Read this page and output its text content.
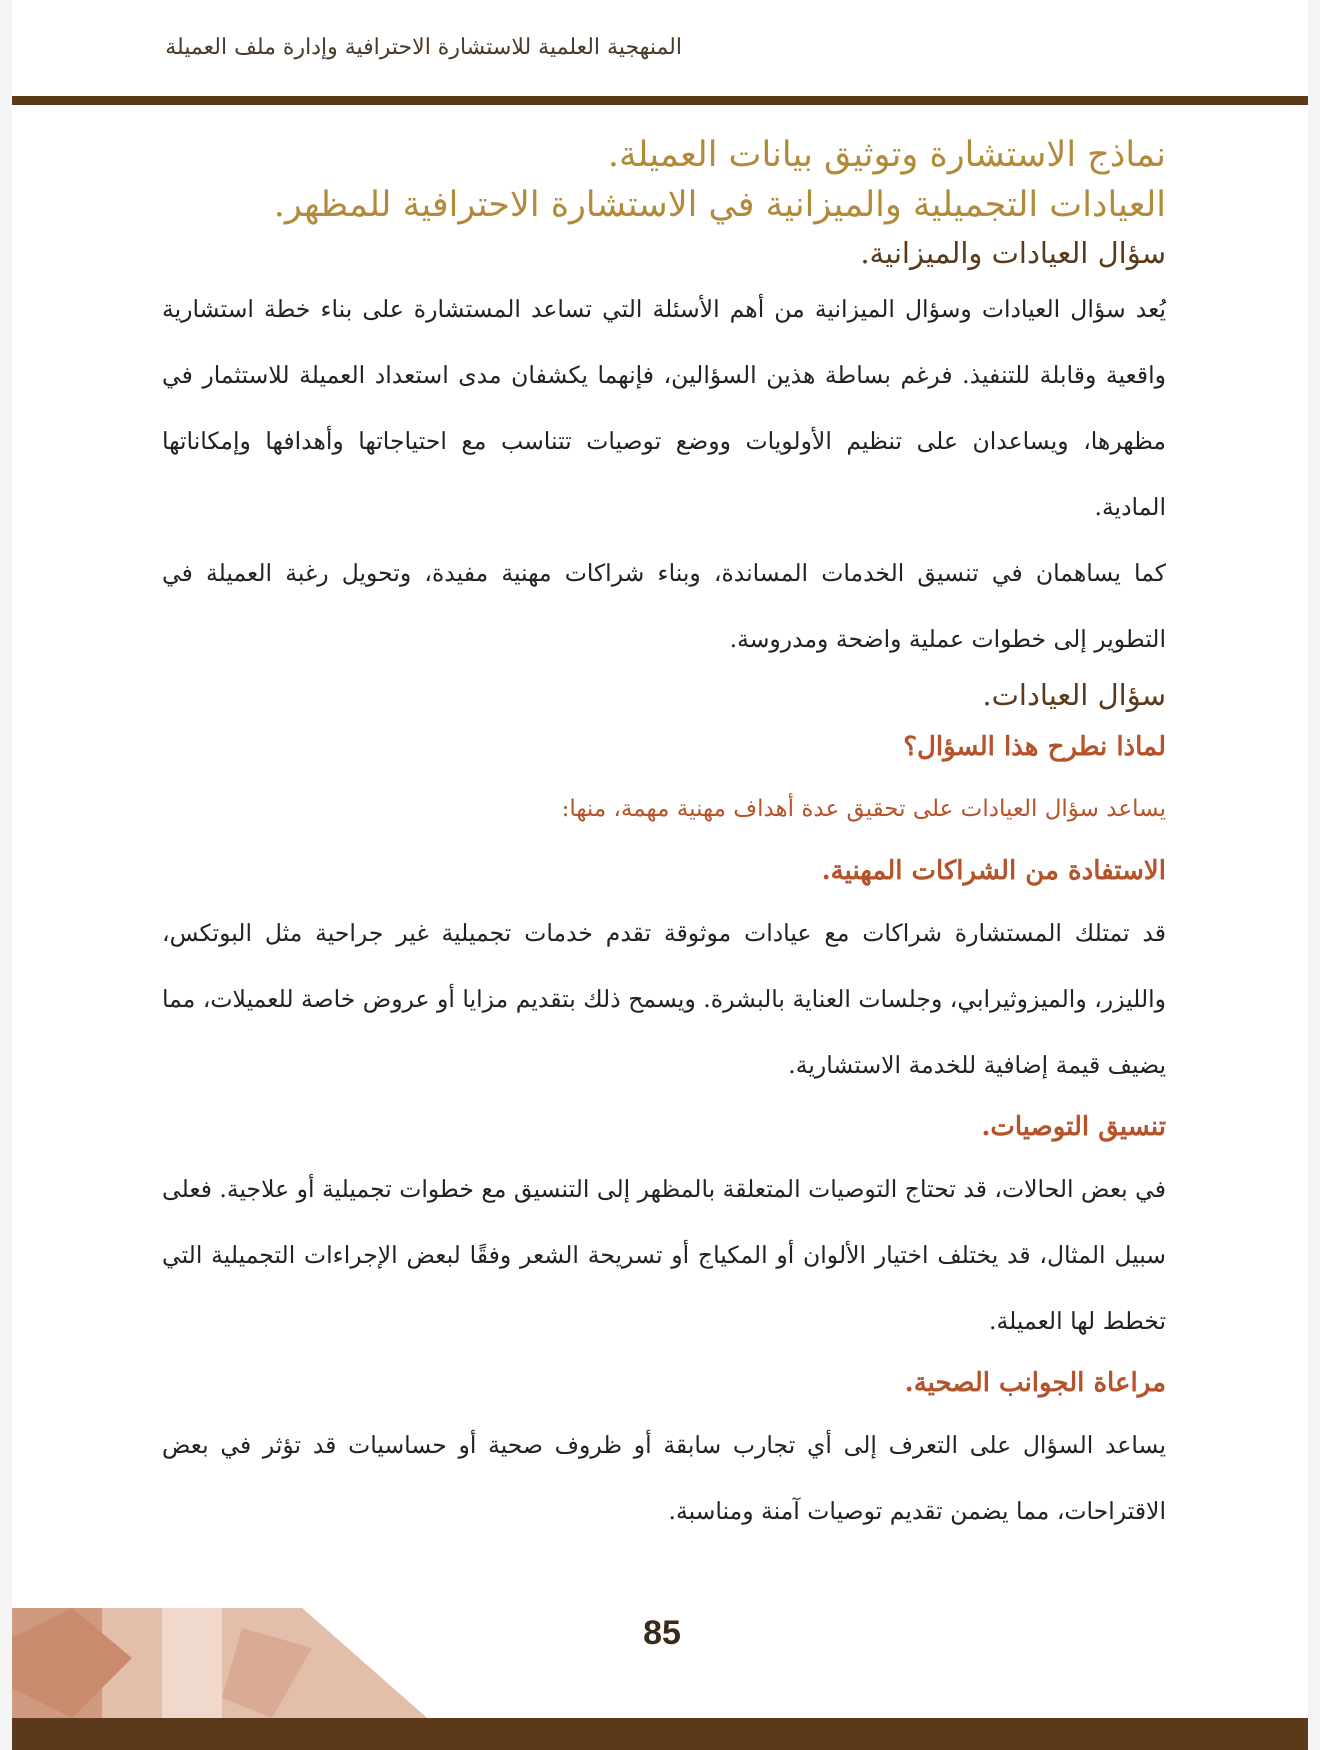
المنهجية العلمية للاستشارة الاحترافية وإدارة ملف العميلة
نماذج الاستشارة وتوثيق بيانات العميلة.
العيادات التجميلية والميزانية في الاستشارة الاحترافية للمظهر.
سؤال العيادات والميزانية.

يُعد سؤال العيادات وسؤال الميزانية من أهم الأسئلة التي تساعد المستشارة على بناء خطة استشارية واقعية وقابلة للتنفيذ. فرغم بساطة هذين السؤالين، فإنهما يكشفان مدى استعداد العميلة للاستثمار في مظهرها، ويساعدان على تنظيم الأولويات ووضع توصيات تتناسب مع احتياجاتها وأهدافها وإمكاناتها المادية.

كما يساهمان في تنسيق الخدمات المساندة، وبناء شراكات مهنية مفيدة، وتحويل رغبة العميلة في التطوير إلى خطوات عملية واضحة ومدروسة.

سؤال العيادات.

لماذا نطرح هذا السؤال؟

يساعد سؤال العيادات على تحقيق عدة أهداف مهنية مهمة، منها:

الاستفادة من الشراكات المهنية.

قد تمتلك المستشارة شراكات مع عيادات موثوقة تقدم خدمات تجميلية غير جراحية مثل البوتكس، والليزر، والميزوثيرابي، وجلسات العناية بالبشرة. ويسمح ذلك بتقديم مزايا أو عروض خاصة للعميلات، مما يضيف قيمة إضافية للخدمة الاستشارية.

تنسيق التوصيات.

في بعض الحالات، قد تحتاج التوصيات المتعلقة بالمظهر إلى التنسيق مع خطوات تجميلية أو علاجية. فعلى سبيل المثال، قد يختلف اختيار الألوان أو المكياج أو تسريحة الشعر وفقًا لبعض الإجراءات التجميلية التي تخطط لها العميلة.

مراعاة الجوانب الصحية.

يساعد السؤال على التعرف إلى أي تجارب سابقة أو ظروف صحية أو حساسيات قد تؤثر في بعض الاقتراحات، مما يضمن تقديم توصيات آمنة ومناسبة.

85
